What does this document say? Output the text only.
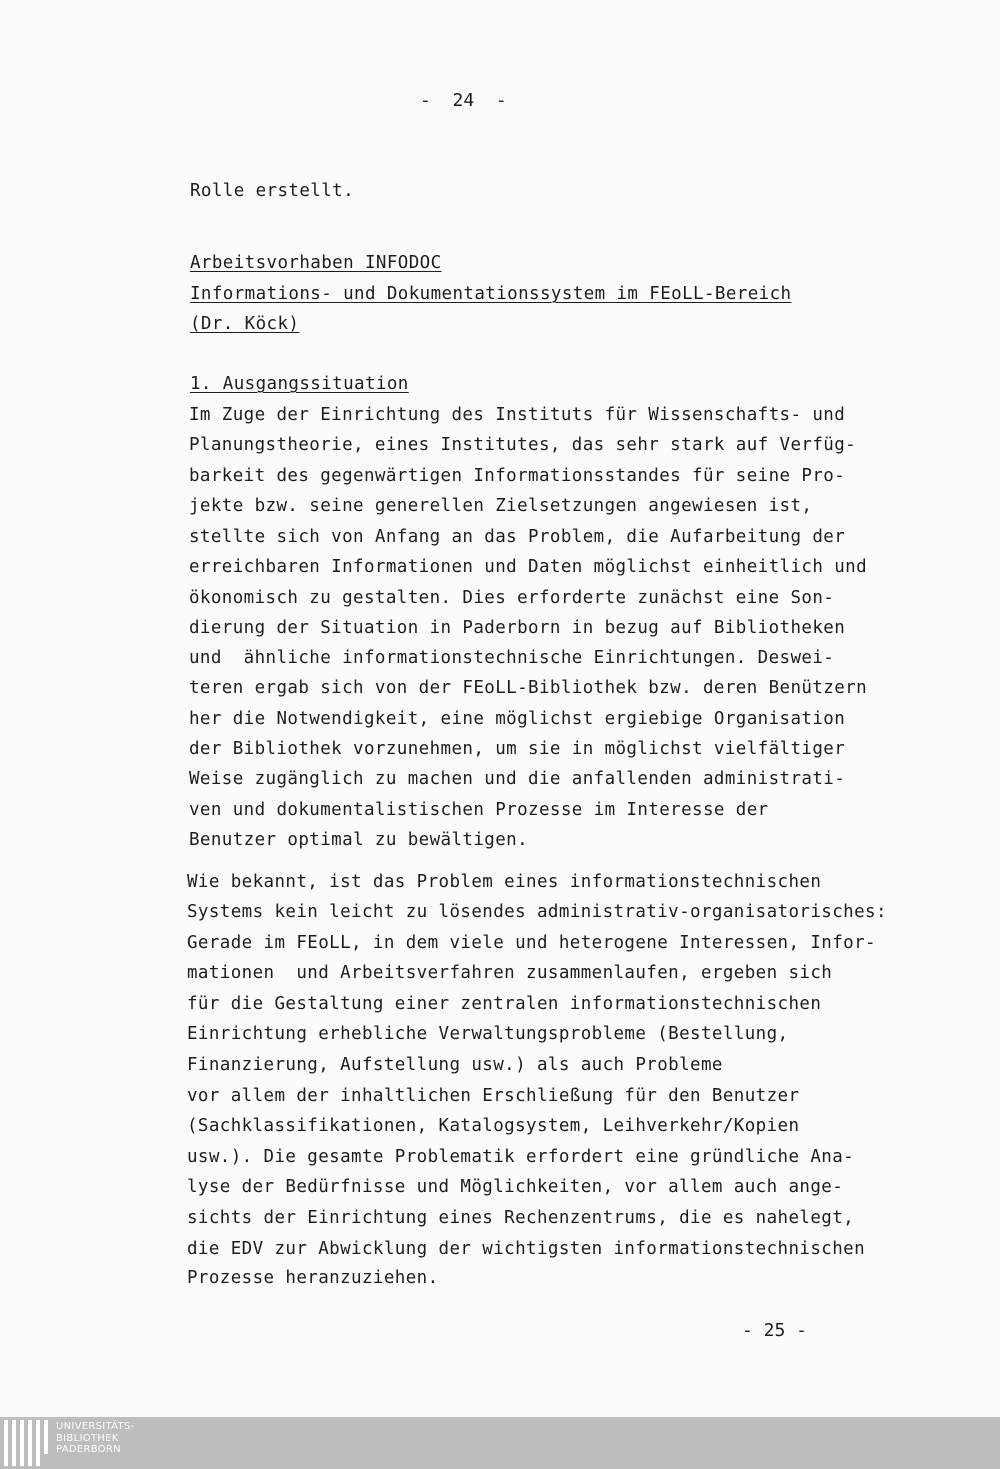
-  24  -
Rolle erstellt.
Arbeitsvorhaben INFODOC
Informations- und Dokumentationssystem im FEoLL-Bereich
(Dr. Köck)
1. Ausgangssituation
Im Zuge der Einrichtung des Instituts für Wissenschafts- und
Planungstheorie, eines Institutes, das sehr stark auf Verfüg-
barkeit des gegenwärtigen Informationsstandes für seine Pro-
jekte bzw. seine generellen Zielsetzungen angewiesen ist,
stellte sich von Anfang an das Problem, die Aufarbeitung der
erreichbaren Informationen und Daten möglichst einheitlich und
ökonomisch zu gestalten. Dies erforderte zunächst eine Son-
dierung der Situation in Paderborn in bezug auf Bibliotheken
und  ähnliche informationstechnische Einrichtungen. Deswei-
teren ergab sich von der FEoLL-Bibliothek bzw. deren Benützern
her die Notwendigkeit, eine möglichst ergiebige Organisation
der Bibliothek vorzunehmen, um sie in möglichst vielfältiger
Weise zugänglich zu machen und die anfallenden administrati-
ven und dokumentalistischen Prozesse im Interesse der
Benutzer optimal zu bewältigen.
Wie bekannt, ist das Problem eines informationstechnischen
Systems kein leicht zu lösendes administrativ-organisatorisches:
Gerade im FEoLL, in dem viele und heterogene Interessen, Infor-
mationen  und Arbeitsverfahren zusammenlaufen, ergeben sich
für die Gestaltung einer zentralen informationstechnischen
Einrichtung erhebliche Verwaltungsprobleme (Bestellung,
Finanzierung, Aufstellung usw.) als auch Probleme
vor allem der inhaltlichen Erschließung für den Benutzer
(Sachklassifikationen, Katalogsystem, Leihverkehr/Kopien
usw.). Die gesamte Problematik erfordert eine gründliche Ana-
lyse der Bedürfnisse und Möglichkeiten, vor allem auch ange-
sichts der Einrichtung eines Rechenzentrums, die es nahelegt,
die EDV zur Abwicklung der wichtigsten informationstechnischen
Prozesse heranzuziehen.
- 25 -
UNIVERSITÄTS-
BIBLIOTHEK
PADERBORN
